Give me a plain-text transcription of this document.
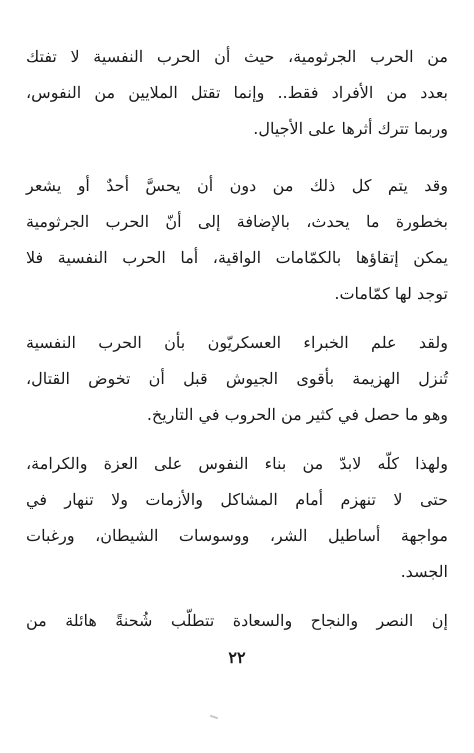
من الحرب الجرثومية، حيث أن الحرب النفسية لا تفتك
بعدد من الأفراد فقط.. وإنما تقتل الملايين من النفوس،
وربما تترك أثرها على الأجيال.
وقد يتم كل ذلك من دون أن يحسَّ أحدٌ أو يشعر
بخطورة ما يحدث، بالإضافة إلى أنّ الحرب الجرثومية
يمكن إتقاؤها بالكمّامات الواقية، أما الحرب النفسية فلا
توجد لها كمّامات.
ولقد علم الخبراء العسكريّون بأن الحرب النفسية
تُنزل الهزيمة بأقوى الجيوش قبل أن تخوض القتال،
وهو ما حصل في كثير من الحروب في التاريخ.
ولهذا كلّه لابدّ من بناء النفوس على العزة والكرامة،
حتى لا تنهزم أمام المشاكل والأزمات ولا تنهار في
مواجهة أساطيل الشر، ووسوسات الشيطان، ورغبات
الجسد.
إن النصر والنجاح والسعادة تتطلّب شُحنةً هائلة من
٢٢
